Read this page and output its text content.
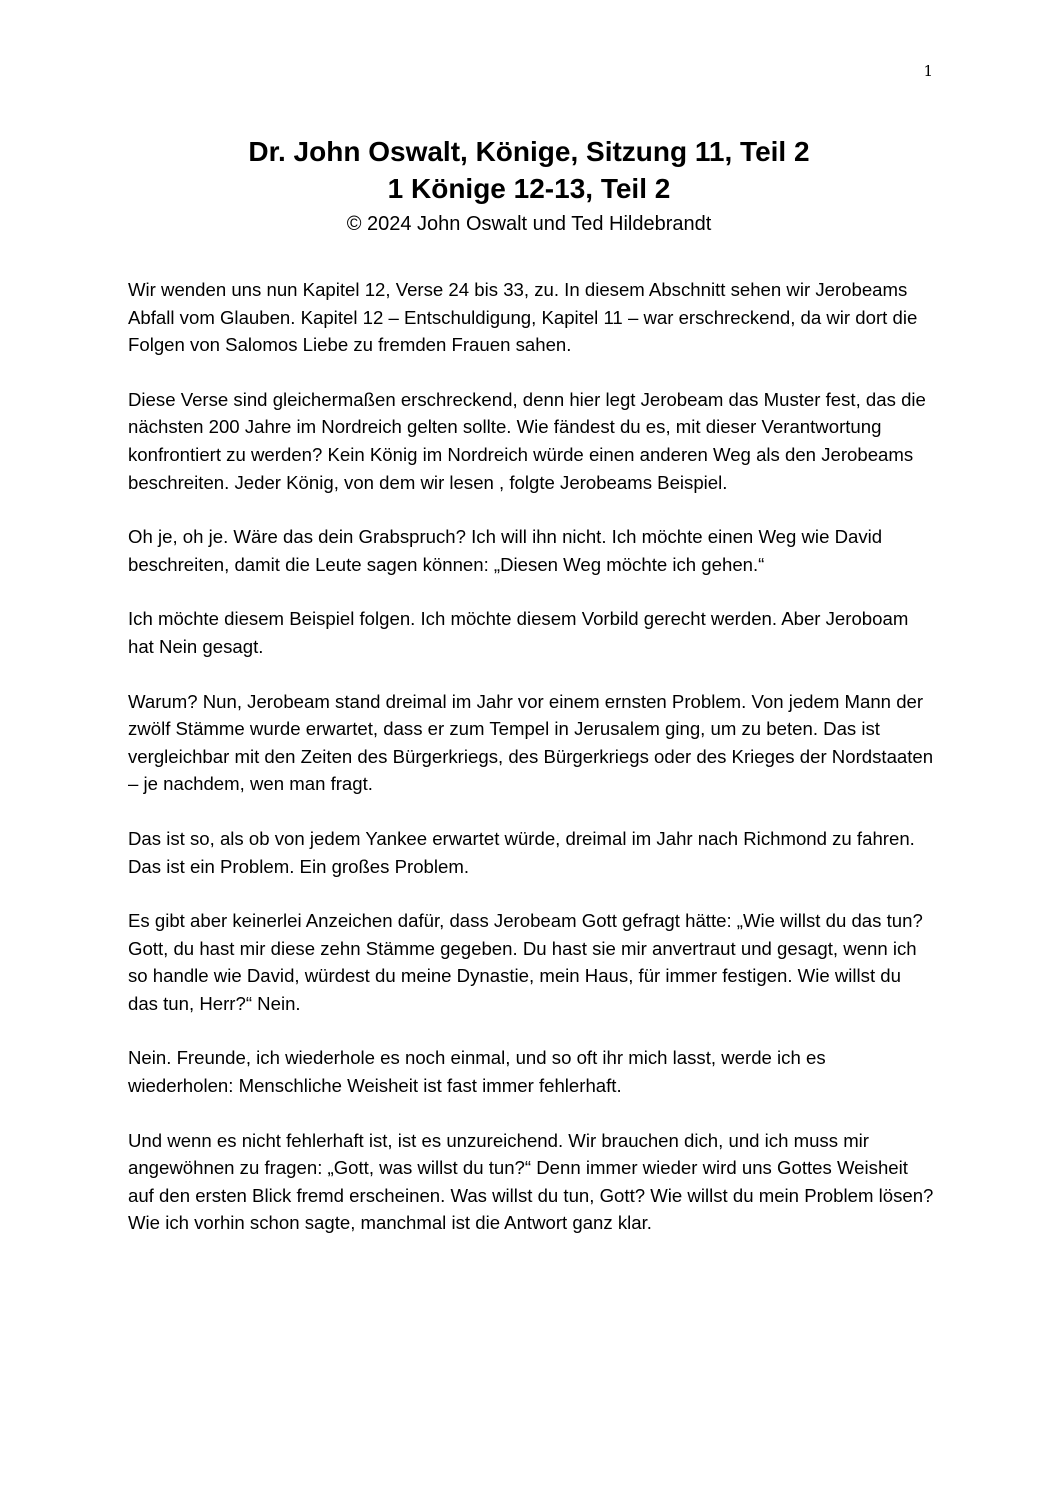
1
Dr. John Oswalt, Könige, Sitzung 11, Teil 2
1 Könige 12-13, Teil 2
© 2024 John Oswalt und Ted Hildebrandt

Wir wenden uns nun Kapitel 12, Verse 24 bis 33, zu. In diesem Abschnitt sehen wir Jerobeams Abfall vom Glauben. Kapitel 12 – Entschuldigung, Kapitel 11 – war erschreckend, da wir dort die Folgen von Salomos Liebe zu fremden Frauen sahen.

Diese Verse sind gleichermaßen erschreckend, denn hier legt Jerobeam das Muster fest, das die nächsten 200 Jahre im Nordreich gelten sollte. Wie fändest du es, mit dieser Verantwortung konfrontiert zu werden? Kein König im Nordreich würde einen anderen Weg als den Jerobeams beschreiten. Jeder König, von dem wir lesen , folgte Jerobeams Beispiel.

Oh je, oh je. Wäre das dein Grabspruch? Ich will ihn nicht. Ich möchte einen Weg wie David beschreiten, damit die Leute sagen können: „Diesen Weg möchte ich gehen.“

Ich möchte diesem Beispiel folgen. Ich möchte diesem Vorbild gerecht werden. Aber Jeroboam hat Nein gesagt.

Warum? Nun, Jerobeam stand dreimal im Jahr vor einem ernsten Problem. Von jedem Mann der zwölf Stämme wurde erwartet, dass er zum Tempel in Jerusalem ging, um zu beten. Das ist vergleichbar mit den Zeiten des Bürgerkriegs, des Bürgerkriegs oder des Krieges der Nordstaaten – je nachdem, wen man fragt.

Das ist so, als ob von jedem Yankee erwartet würde, dreimal im Jahr nach Richmond zu fahren. Das ist ein Problem. Ein großes Problem.

Es gibt aber keinerlei Anzeichen dafür, dass Jerobeam Gott gefragt hätte: „Wie willst du das tun? Gott, du hast mir diese zehn Stämme gegeben. Du hast sie mir anvertraut und gesagt, wenn ich so handle wie David, würdest du meine Dynastie, mein Haus, für immer festigen. Wie willst du das tun, Herr?“ Nein.

Nein. Freunde, ich wiederhole es noch einmal, und so oft ihr mich lasst, werde ich es wiederholen: Menschliche Weisheit ist fast immer fehlerhaft.

Und wenn es nicht fehlerhaft ist, ist es unzureichend. Wir brauchen dich, und ich muss mir angewöhnen zu fragen: „Gott, was willst du tun?“ Denn immer wieder wird uns Gottes Weisheit auf den ersten Blick fremd erscheinen. Was willst du tun, Gott? Wie willst du mein Problem lösen? Wie ich vorhin schon sagte, manchmal ist die Antwort ganz klar.
